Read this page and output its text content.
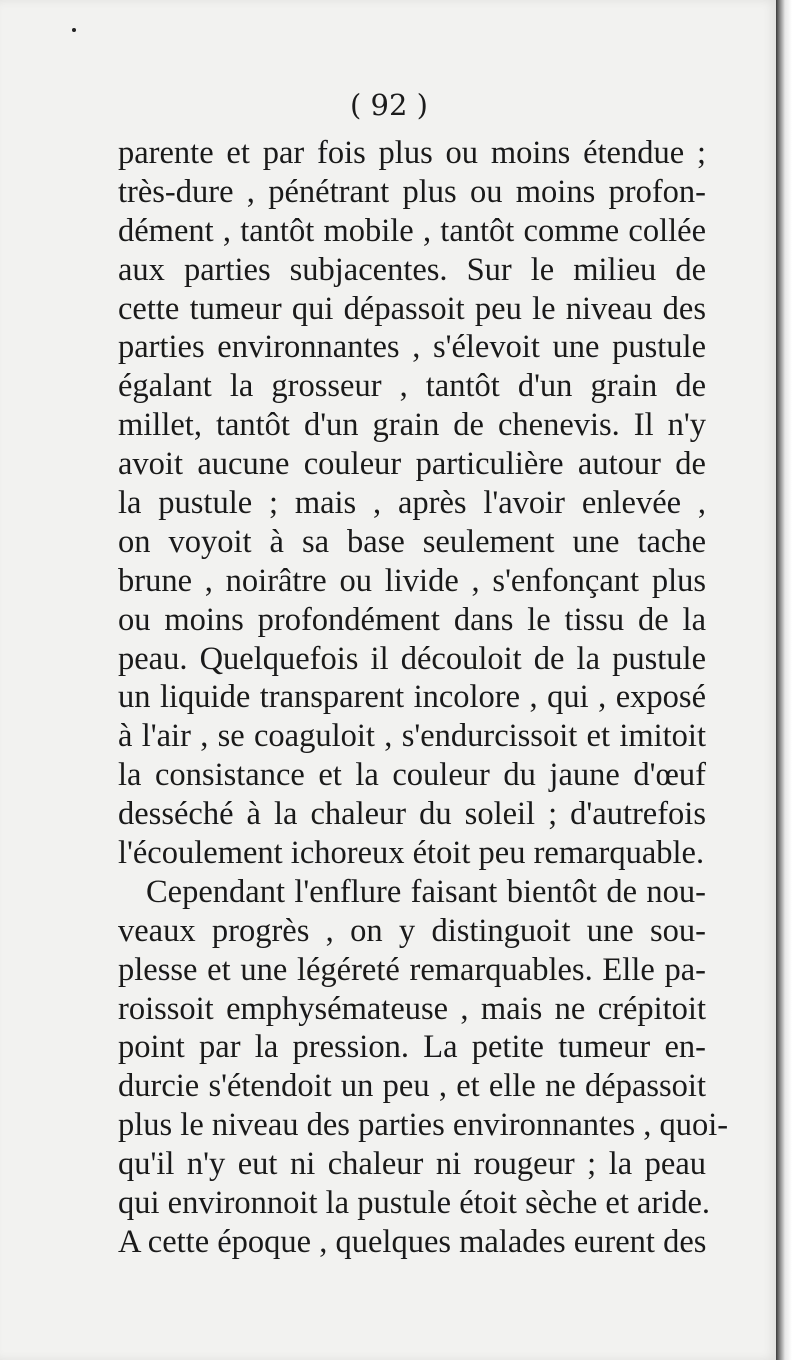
( 92 )
parente et par fois plus ou moins étendue ;
très-dure , pénétrant plus ou moins profon-
dément , tantôt mobile , tantôt comme collée
aux parties subjacentes. Sur le milieu de
cette tumeur qui dépassoit peu le niveau des
parties environnantes , s'élevoit une pustule
égalant la grosseur , tantôt d'un grain de
millet, tantôt d'un grain de chenevis. Il n'y
avoit aucune couleur particulière autour de
la pustule ; mais , après l'avoir enlevée ,
on voyoit à sa base seulement une tache
brune , noirâtre ou livide , s'enfonçant plus
ou moins profondément dans le tissu de la
peau. Quelquefois il découloit de la pustule
un liquide transparent incolore , qui , exposé
à l'air , se coaguloit , s'endurcissoit et imitoit
la consistance et la couleur du jaune d'œuf
desséché à la chaleur du soleil ; d'autrefois
l'écoulement ichoreux étoit peu remarquable.
Cependant l'enflure faisant bientôt de nou-
veaux progrès , on y distinguoit une sou-
plesse et une légéreté remarquables. Elle pa-
roissoit emphysémateuse , mais ne crépitoit
point par la pression. La petite tumeur en-
durcie s'étendoit un peu , et elle ne dépassoit
plus le niveau des parties environnantes , quoi-
qu'il n'y eut ni chaleur ni rougeur ; la peau
qui environnoit la pustule étoit sèche et aride.
A cette époque , quelques malades eurent des
